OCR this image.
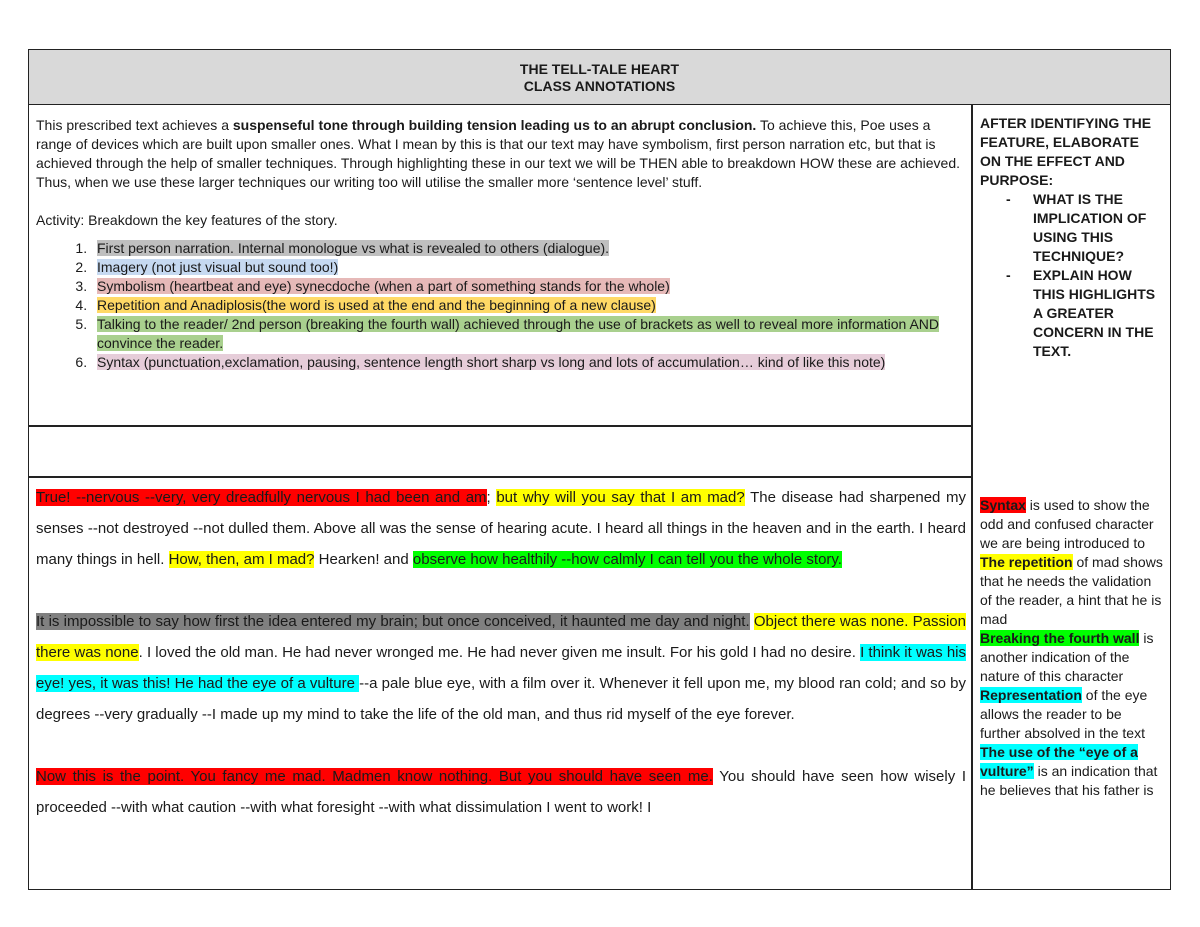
THE TELL-TALE HEART
CLASS ANNOTATIONS

This prescribed text achieves a suspenseful tone through building tension leading us to an abrupt conclusion. To achieve this, Poe uses a range of devices which are built upon smaller ones. What I mean by this is that our text may have symbolism, first person narration etc, but that is achieved through the help of smaller techniques. Through highlighting these in our text we will be THEN able to breakdown HOW these are achieved. Thus, when we use these larger techniques our writing too will utilise the smaller more ‘sentence level’ stuff.

Activity: Breakdown the key features of the story.

1. First person narration. Internal monologue vs what is revealed to others (dialogue).
2. Imagery (not just visual but sound too!)
3. Symbolism (heartbeat and eye) synecdoche (when a part of something stands for the whole)
4. Repetition and Anadiplosis(the word is used at the end and the beginning of a new clause)
5. Talking to the reader/ 2nd person (breaking the fourth wall) achieved through the use of brackets as well to reveal more information AND convince the reader.
6. Syntax (punctuation,exclamation, pausing, sentence length short sharp vs long and lots of accumulation… kind of like this note)
AFTER IDENTIFYING THE FEATURE, ELABORATE ON THE EFFECT AND PURPOSE:
- WHAT IS THE IMPLICATION OF USING THIS TECHNIQUE?
- EXPLAIN HOW THIS HIGHLIGHTS A GREATER CONCERN IN THE TEXT.

True! --nervous --very, very dreadfully nervous I had been and am; but why will you say that I am mad? The disease had sharpened my senses --not destroyed --not dulled them. Above all was the sense of hearing acute. I heard all things in the heaven and in the earth. I heard many things in hell. How, then, am I mad? Hearken! and observe how healthily --how calmly I can tell you the whole story.

It is impossible to say how first the idea entered my brain; but once conceived, it haunted me day and night. Object there was none. Passion there was none. I loved the old man. He had never wronged me. He had never given me insult. For his gold I had no desire. I think it was his eye! yes, it was this! He had the eye of a vulture --a pale blue eye, with a film over it. Whenever it fell upon me, my blood ran cold; and so by degrees --very gradually --I made up my mind to take the life of the old man, and thus rid myself of the eye forever.

Now this is the point. You fancy me mad. Madmen know nothing. But you should have seen me. You should have seen how wisely I proceeded --with what caution --with what foresight --with what dissimulation I went to work! I

Syntax is used to show the odd and confused character we are being introduced to
The repetition of mad shows that he needs the validation of the reader, a hint that he is mad
Breaking the fourth wall is another indication of the nature of this character
Representation of the eye allows the reader to be further absolved in the text
The use of the “eye of a vulture” is an indication that he believes that his father is
